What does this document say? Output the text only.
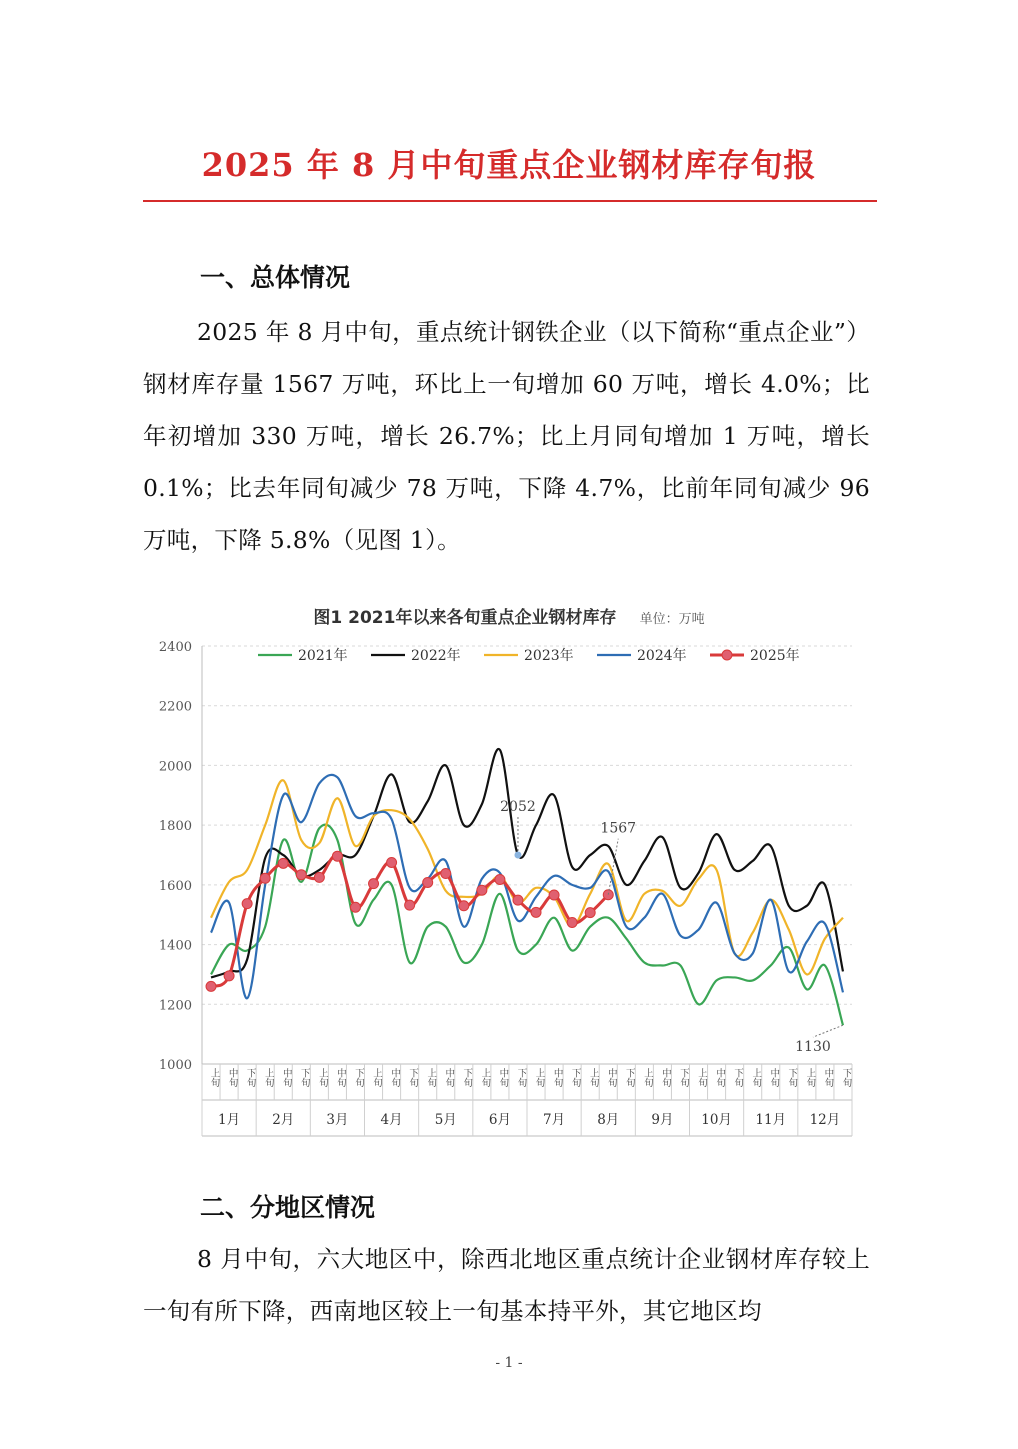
2025 年 8 月中旬重点企业钢材库存旬报
一、总体情况
2025 年 8 月中旬，重点统计钢铁企业（以下简称“重点企业”）钢材库存量 1567 万吨，环比上一旬增加 60 万吨，增长 4.0%；比年初增加 330 万吨，增长 26.7%；比上月同旬增加 1 万吨，增长 0.1%；比去年同旬减少 78 万吨，下降 4.7%，比前年同旬减少 96 万吨，下降 5.8%（见图 1）。
图1 2021年以来各旬重点企业钢材库存 单位：万吨
1000
1200
1400
1600
1800
2000
2200
2400
上旬 中旬 下旬 上旬 中旬 下旬 上旬 中旬 下旬 上旬 中旬 下旬 上旬 中旬 下旬 上旬 中旬 下旬 上旬 中旬 下旬 上旬 中旬 下旬 上旬 中旬 下旬 上旬 中旬 下旬 上旬 中旬 下旬 上旬 中旬 下旬
1月 2月 3月 4月 5月 6月 7月 8月 9月 10月 11月 12月
2021年	2022年	2023年	2024年	2025年
2052
1567
1130
二、分地区情况
8 月中旬，六大地区中，除西北地区重点统计企业钢材库存较上一旬有所下降，西南地区较上一旬基本持平外，其它地区均
- 1 -
